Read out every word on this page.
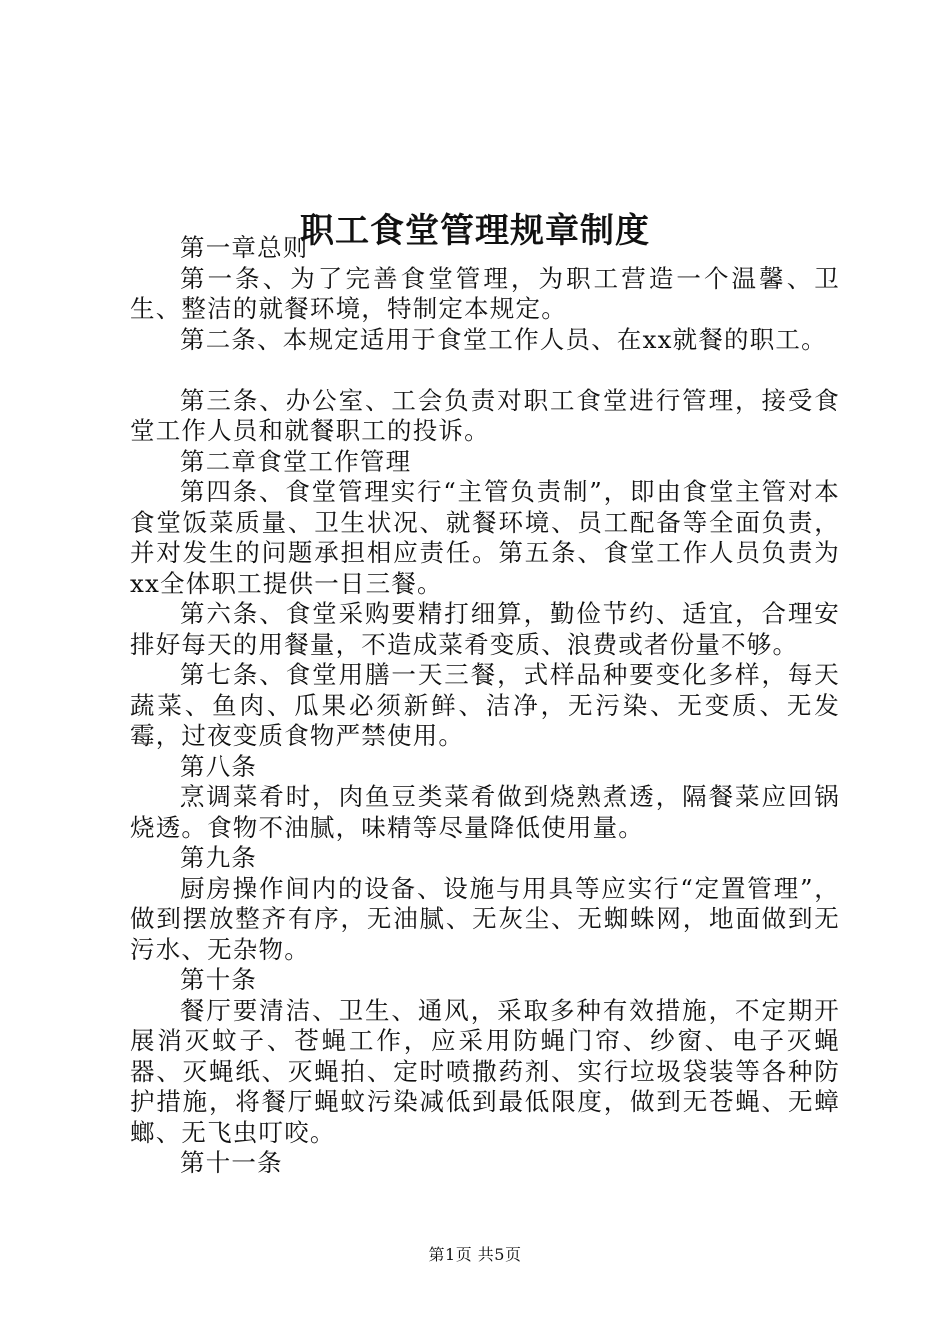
职工食堂管理规章制度

第一章总则

第一条、为了完善食堂管理，为职工营造一个温馨、卫生、整洁的就餐环境，特制定本规定。

第二条、本规定适用于食堂工作人员、在xx就餐的职工。

第三条、办公室、工会负责对职工食堂进行管理，接受食堂工作人员和就餐职工的投诉。

第二章食堂工作管理

第四条、食堂管理实行“主管负责制”，即由食堂主管对本食堂饭菜质量、卫生状况、就餐环境、员工配备等全面负责，并对发生的问题承担相应责任。第五条、食堂工作人员负责为xx全体职工提供一日三餐。

第六条、食堂采购要精打细算，勤俭节约、适宜，合理安排好每天的用餐量，不造成菜肴变质、浪费或者份量不够。

第七条、食堂用膳一天三餐，式样品种要变化多样，每天蔬菜、鱼肉、瓜果必须新鲜、洁净，无污染、无变质、无发霉，过夜变质食物严禁使用。

第八条

烹调菜肴时，肉鱼豆类菜肴做到烧熟煮透，隔餐菜应回锅烧透。食物不油腻，味精等尽量降低使用量。

第九条

厨房操作间内的设备、设施与用具等应实行“定置管理”，做到摆放整齐有序，无油腻、无灰尘、无蜘蛛网，地面做到无污水、无杂物。

第十条

餐厅要清洁、卫生、通风，采取多种有效措施，不定期开展消灭蚊子、苍蝇工作，应采用防蝇门帘、纱窗、电子灭蝇器、灭蝇纸、灭蝇拍、定时喷撒药剂、实行垃圾袋装等各种防护措施，将餐厅蝇蚊污染减低到最低限度，做到无苍蝇、无蟑螂、无飞虫叮咬。

第十一条

第1页 共5页
